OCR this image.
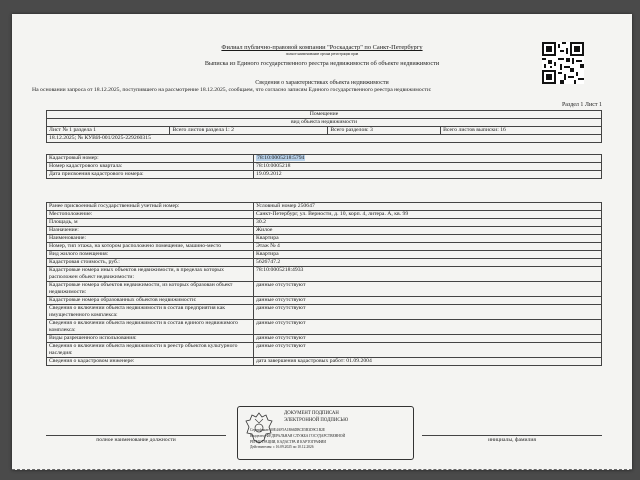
Филиал публично-правовой компании "Роскадастр" по Санкт-Петербургу
полное наименование органа регистрации прав
Выписка из Единого государственного реестра недвижимости об объекте недвижимости
Сведения о характеристиках объекта недвижимости
На основании запроса от 18.12.2025, поступившего на рассмотрение 18.12.2025, сообщаем, что согласно записям Единого государственного реестра недвижимости:
Раздел 1 Лист 1
Помещение
вид объекта недвижимости
Лист № 1 раздела 1	Всего листов раздела 1: 2	Всего разделов: 3	Всего листов выписки: 16
18.12.2025; № КУВИ-001/2025-229260315
Кадастровый номер:	78:10:0005218:5794
Номер кадастрового квартала:	78:10:0005218
Дата присвоения кадастрового номера:	19.09.2012
Ранее присвоенный государственный учетный номер:	Условный номер 250647
Местоположение:	Санкт-Петербург, ул. Верности, д. 10, корп. 4, литера. А, кв. 99
Площадь, м	30.2
Назначение:	Жилое
Наименование:	Квартира
Номер, тип этажа, на котором расположено помещение, машино-место	Этаж № 4
Вид жилого помещения:	Квартира
Кадастровая стоимость, руб.:	5626747.2
Кадастровые номера иных объектов недвижимости, в пределах которых расположен объект недвижимости:	78:10:0005218:4933
Кадастровые номера объектов недвижимости, из которых образован объект недвижимости:	данные отсутствуют
Кадастровые номера образованных объектов недвижимости:	данные отсутствуют
Сведения о включении объекта недвижимости в состав предприятия как имущественного комплекса:	данные отсутствуют
Сведения о включении объекта недвижимости в состав единого недвижимого комплекса:	данные отсутствуют
Виды разрешенного использования:	данные отсутствуют
Сведения о включении объекта недвижимости в реестр объектов культурного наследия:	данные отсутствуют
Сведения о кадастровом инженере:	дата завершения кадастровых работ: 01.09.2004
ДОКУМЕНТ ПОДПИСАН
ЭЛЕКТРОННОЙ ПОДПИСЬЮ
Сертификат: 00E4AF5A1B66DBCE5B3D9C1B2E
Владелец: ФЕДЕРАЛЬНАЯ СЛУЖБА ГОСУДАРСТВЕННОЙ
РЕГИСТРАЦИИ, КАДАСТРА И КАРТОГРАФИИ
Действителен: с 16.09.2025 по 10.12.2026
полное наименование должности	инициалы, фамилия
